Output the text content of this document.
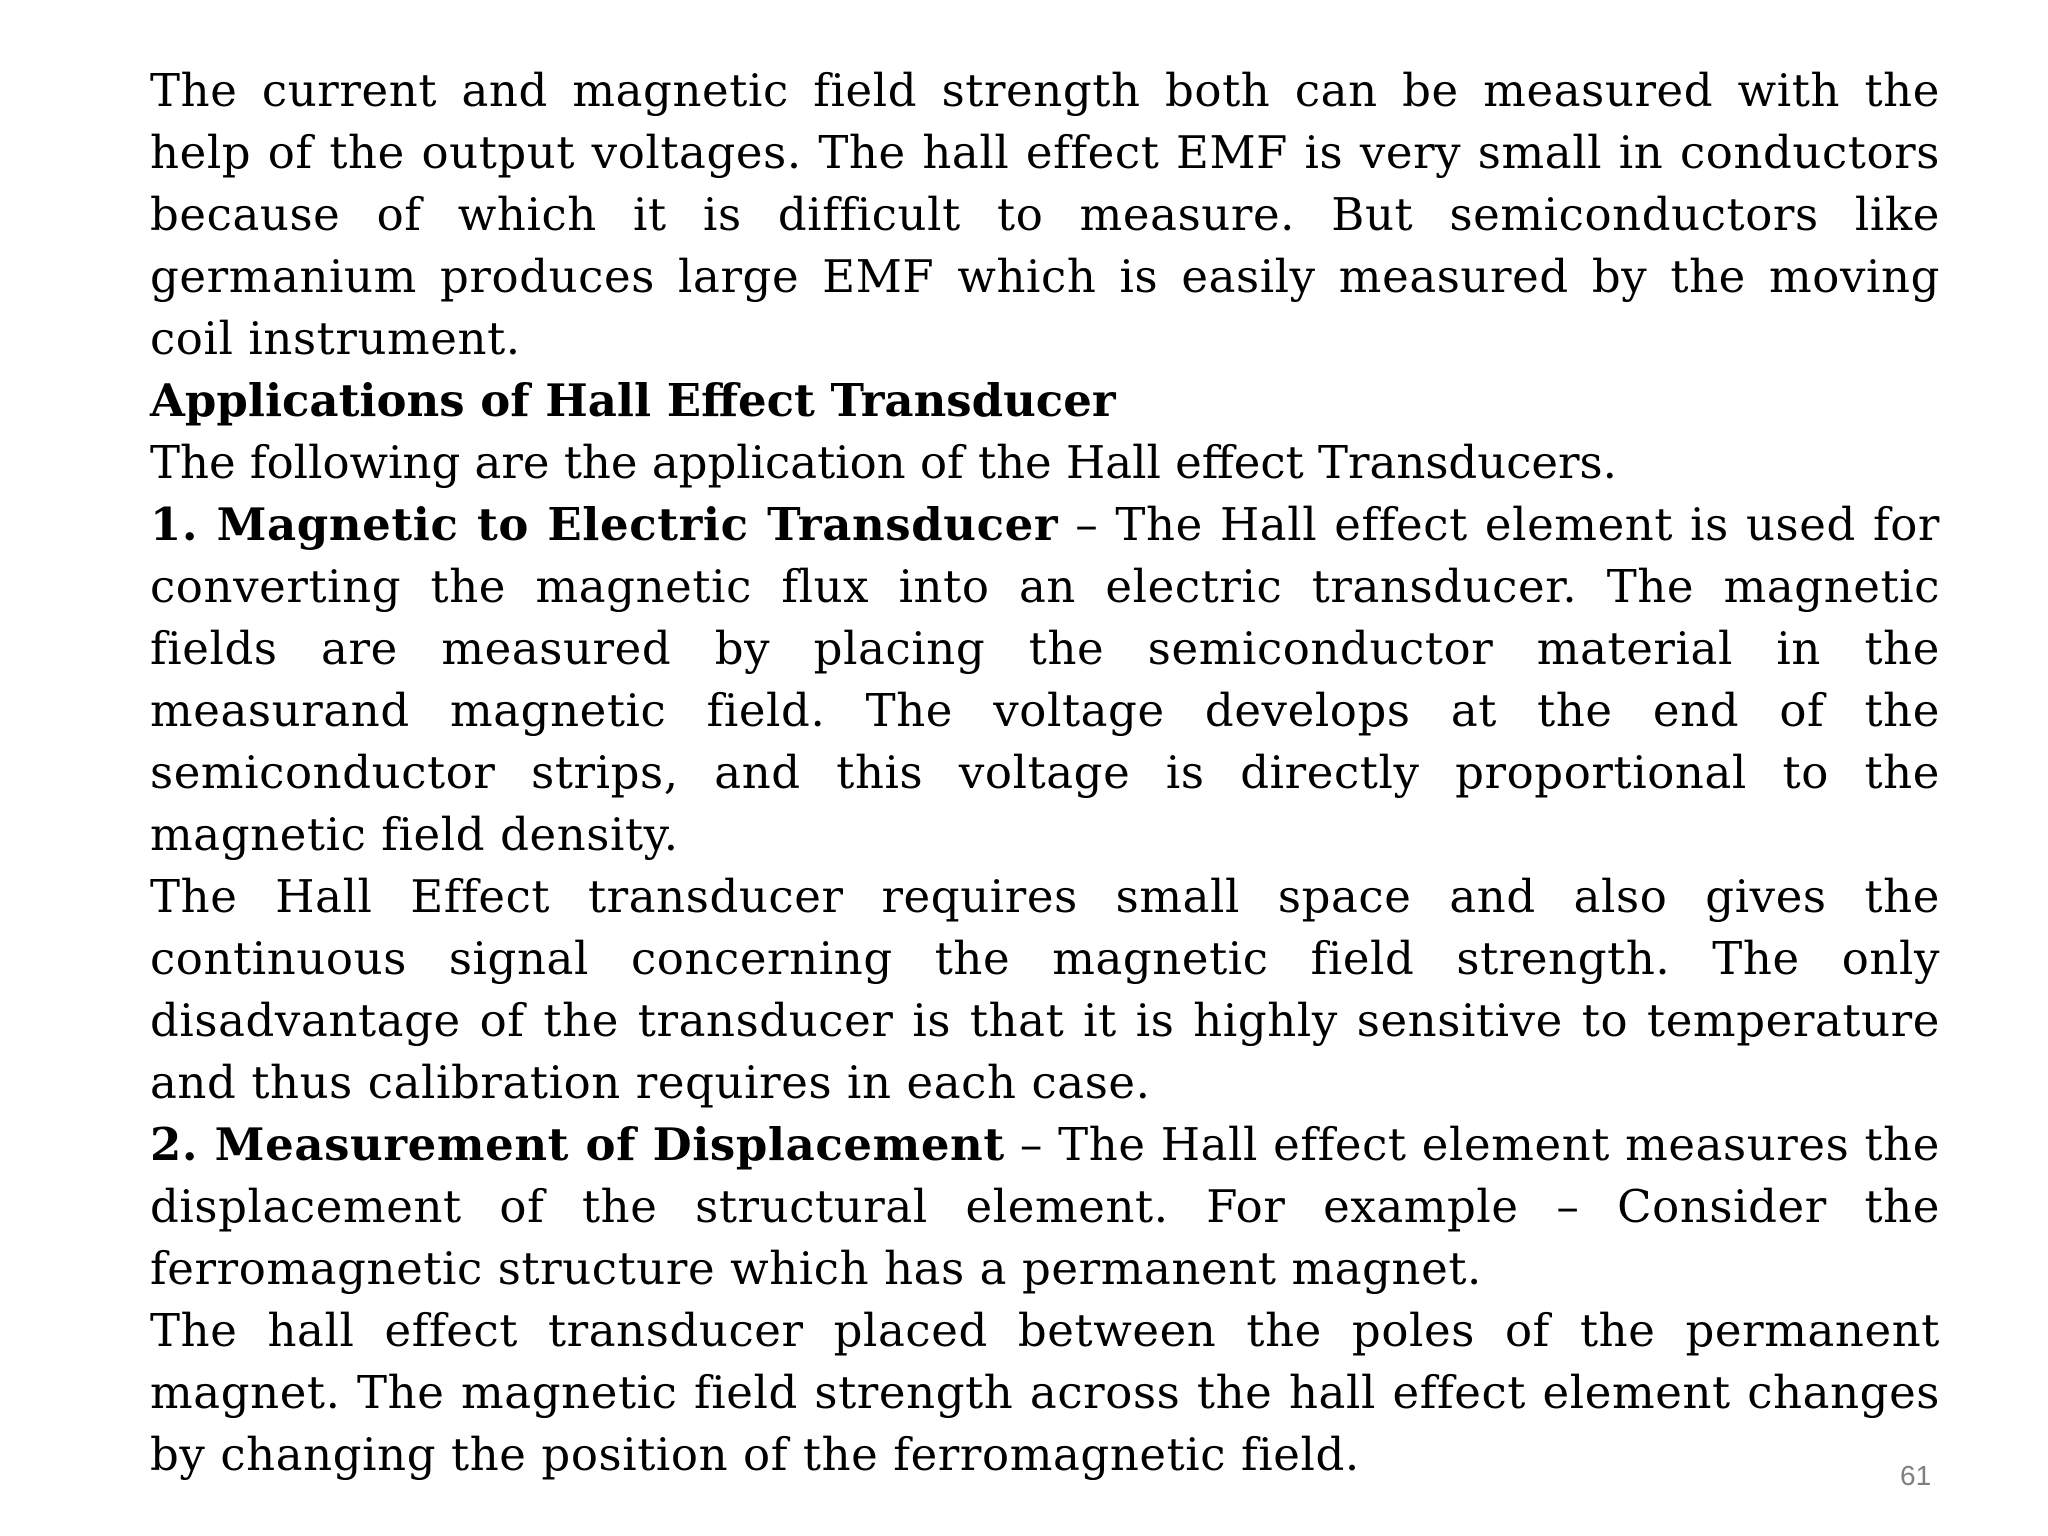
The current and magnetic field strength both can be measured with the help of the output voltages. The hall effect EMF is very small in conductors because of which it is difficult to measure. But semiconductors like germanium produces large EMF which is easily measured by the moving coil instrument.

Applications of Hall Effect Transducer

The following are the application of the Hall effect Transducers.

1. Magnetic to Electric Transducer – The Hall effect element is used for converting the magnetic flux into an electric transducer. The magnetic fields are measured by placing the semiconductor material in the measurand magnetic field. The voltage develops at the end of the semiconductor strips, and this voltage is directly proportional to the magnetic field density.

The Hall Effect transducer requires small space and also gives the continuous signal concerning the magnetic field strength. The only disadvantage of the transducer is that it is highly sensitive to temperature and thus calibration requires in each case.

2. Measurement of Displacement – The Hall effect element measures the displacement of the structural element. For example – Consider the ferromagnetic structure which has a permanent magnet.

The hall effect transducer placed between the poles of the permanent magnet. The magnetic field strength across the hall effect element changes by changing the position of the ferromagnetic field.	61
